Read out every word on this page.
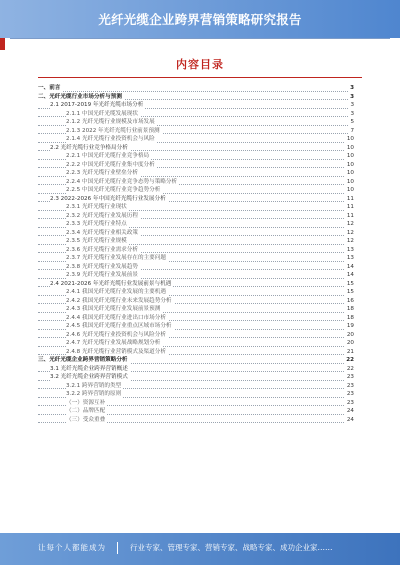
光纤光缆企业跨界营销策略研究报告
内容目录
一、前言	3
二、光纤光缆行业市场分析与预测	3
2.1 2017-2019 年光纤光缆市场分析	3
2.1.1 中国光纤光缆发展现状	3
2.1.2 光纤光缆行业规模及市场发展	5
2.1.3 2022 年光纤光缆行业前景预测	7
2.1.4 光纤光缆行业投资机会与风险	10
2.2 光纤光缆行业竞争格局分析	10
2.2.1 中国光纤光缆行业竞争格局	10
2.2.2 中国光纤光缆行业集中度分析	10
2.2.3 光纤光缆行业壁垒分析	10
2.2.4 中国光纤光缆行业竞争态势与策略分析	10
2.2.5 中国光纤光缆行业竞争趋势分析	10
2.3 2022-2026 年中国光纤光缆行业发展分析	11
2.3.1 光纤光缆行业现状	11
2.3.2 光纤光缆行业发展历程	11
2.3.3 光纤光缆行业特点	12
2.3.4 光纤光缆行业相关政策	12
2.3.5 光纤光缆行业规模	12
2.3.6 光纤光缆行业需求分析	13
2.3.7 光纤光缆行业发展存在的主要问题	13
2.3.8 光纤光缆行业发展趋势	14
2.3.9 光纤光缆行业发展前景	14
2.4 2021-2026 年光纤光缆行业发展前景与机遇	15
2.4.1 我国光纤光缆行业发展的主要机遇	15
2.4.2 我国光纤光缆行业未来发展趋势分析	16
2.4.3 我国光纤光缆行业发展前景预测	18
2.4.4 我国光纤光缆行业进出口市场分析	18
2.4.5 我国光纤光缆行业重点区域市场分析	19
2.4.6 光纤光缆行业投资机会与风险分析	20
2.4.7 光纤光缆行业发展战略规划分析	20
2.4.8 光纤光缆行业营销模式及渠道分析	21
三、光纤光缆企业跨界营销策略分析	22
3.1 光纤光缆企业跨界营销概述	22
3.2 光纤光缆企业跨界营销模式	23
3.2.1 跨界营销的类型	23
3.2.2 跨界营销的原则	23
（一）资源互补	23
（二）品牌匹配	24
（三）受众重叠	24
让每个人都能成为	行业专家、管理专家、营销专家、战略专家、成功企业家……
